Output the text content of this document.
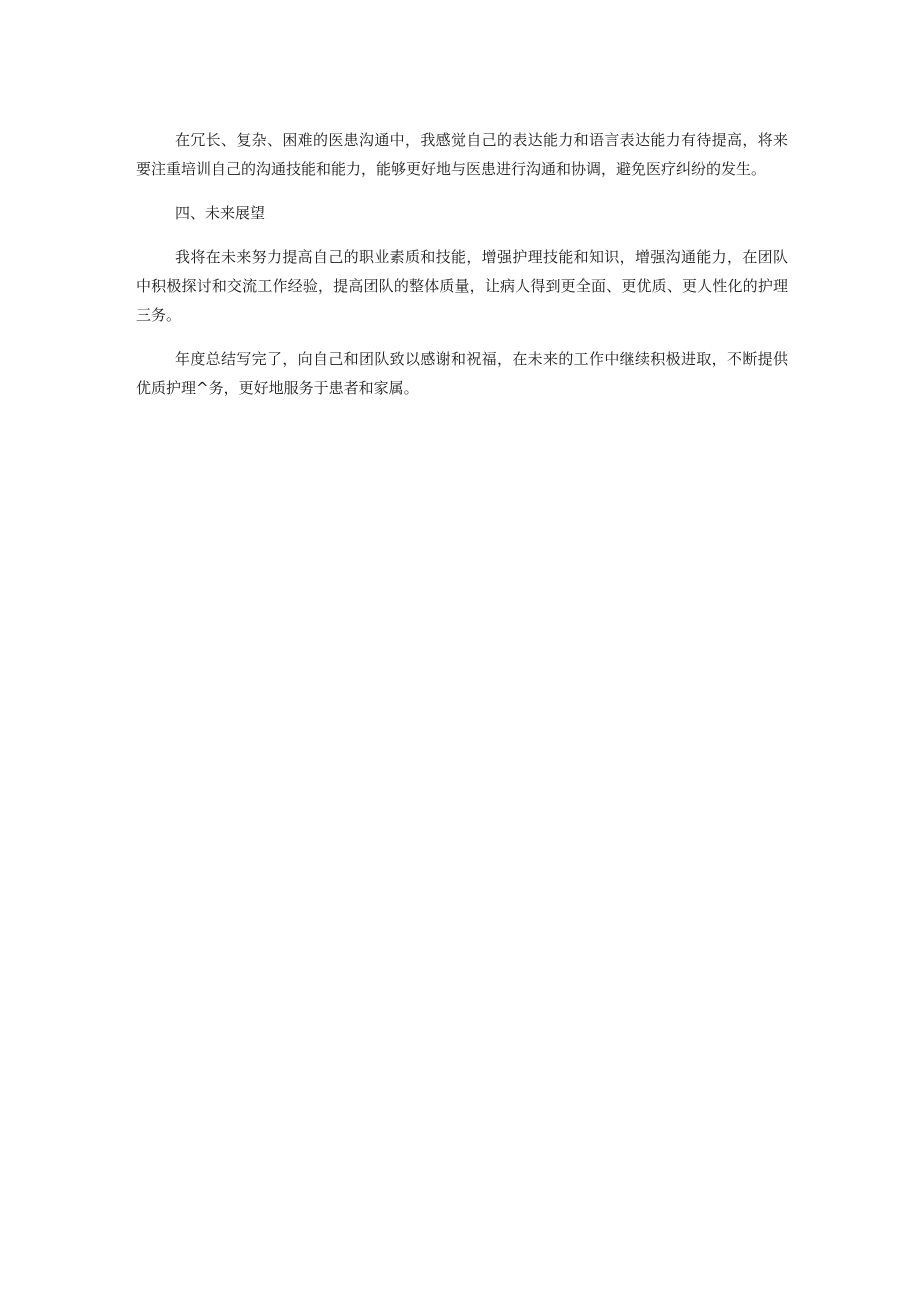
在冗长、复杂、困难的医患沟通中，我感觉自己的表达能力和语言表达能力有待提高，将来要注重培训自己的沟通技能和能力，能够更好地与医患进行沟通和协调，避免医疗纠纷的发生。

四、未来展望

我将在未来努力提高自己的职业素质和技能，增强护理技能和知识，增强沟通能力，在团队中积极探讨和交流工作经验，提高团队的整体质量，让病人得到更全面、更优质、更人性化的护理三务。

年度总结写完了，向自己和团队致以感谢和祝福，在未来的工作中继续积极进取，不断提供优质护理^务，更好地服务于患者和家属。
